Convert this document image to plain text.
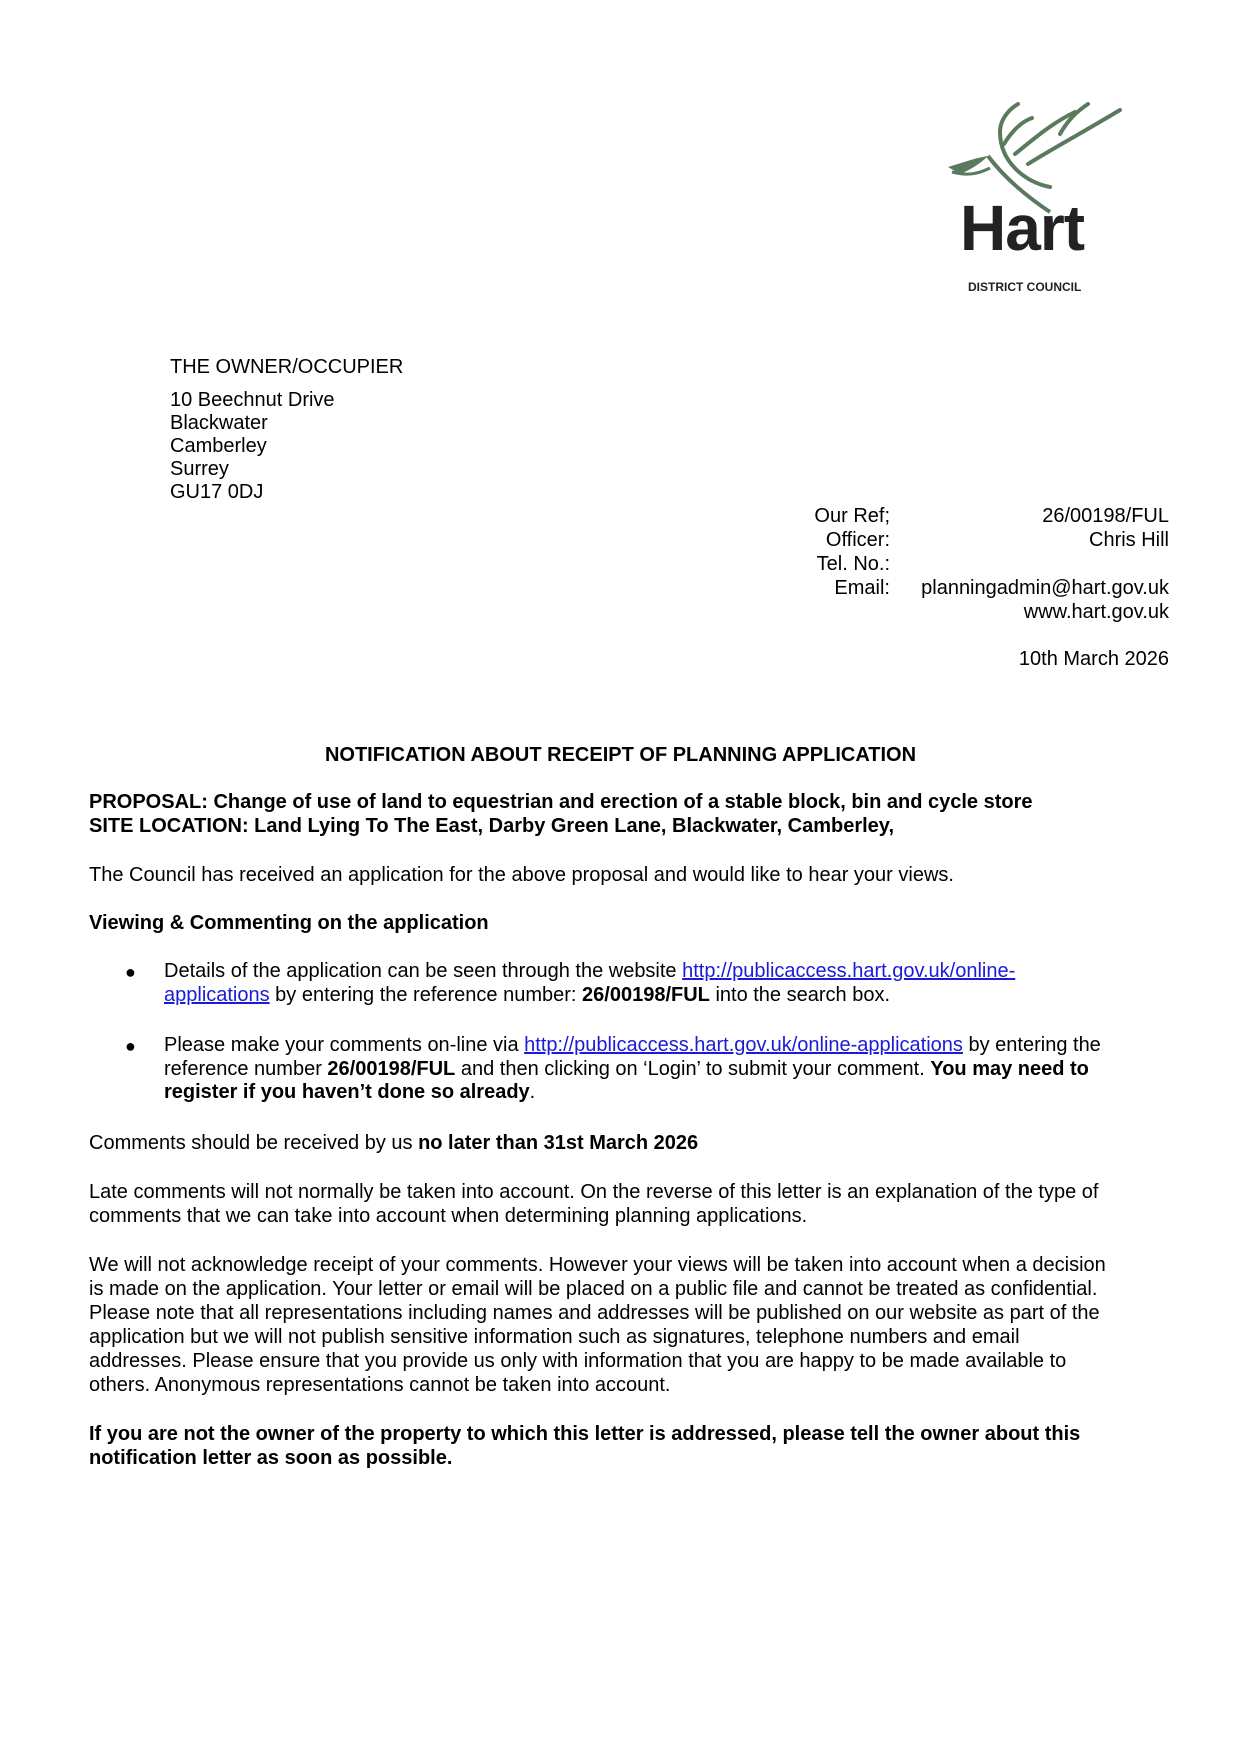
Hart
DISTRICT COUNCIL
THE OWNER/OCCUPIER
10 Beechnut Drive
Blackwater
Camberley
Surrey
GU17 0DJ
Our Ref;	26/00198/FUL
Officer:	Chris Hill
Tel. No.:
Email:	planningadmin@hart.gov.uk
www.hart.gov.uk
10th March 2026
NOTIFICATION ABOUT RECEIPT OF PLANNING APPLICATION
PROPOSAL: Change of use of land to equestrian and erection of a stable block, bin and cycle store
SITE LOCATION: Land Lying To The East, Darby Green Lane, Blackwater, Camberley,
The Council has received an application for the above proposal and would like to hear your views.
Viewing & Commenting on the application
● Details of the application can be seen through the website http://publicaccess.hart.gov.uk/online-
applications by entering the reference number: 26/00198/FUL into the search box.
● Please make your comments on-line via http://publicaccess.hart.gov.uk/online-applications by entering the
reference number 26/00198/FUL and then clicking on ‘Login’ to submit your comment. You may need to
register if you haven’t done so already.
Comments should be received by us no later than 31st March 2026
Late comments will not normally be taken into account. On the reverse of this letter is an explanation of the type of
comments that we can take into account when determining planning applications.
We will not acknowledge receipt of your comments. However your views will be taken into account when a decision
is made on the application. Your letter or email will be placed on a public file and cannot be treated as confidential.
Please note that all representations including names and addresses will be published on our website as part of the
application but we will not publish sensitive information such as signatures, telephone numbers and email
addresses. Please ensure that you provide us only with information that you are happy to be made available to
others. Anonymous representations cannot be taken into account.
If you are not the owner of the property to which this letter is addressed, please tell the owner about this
notification letter as soon as possible.
